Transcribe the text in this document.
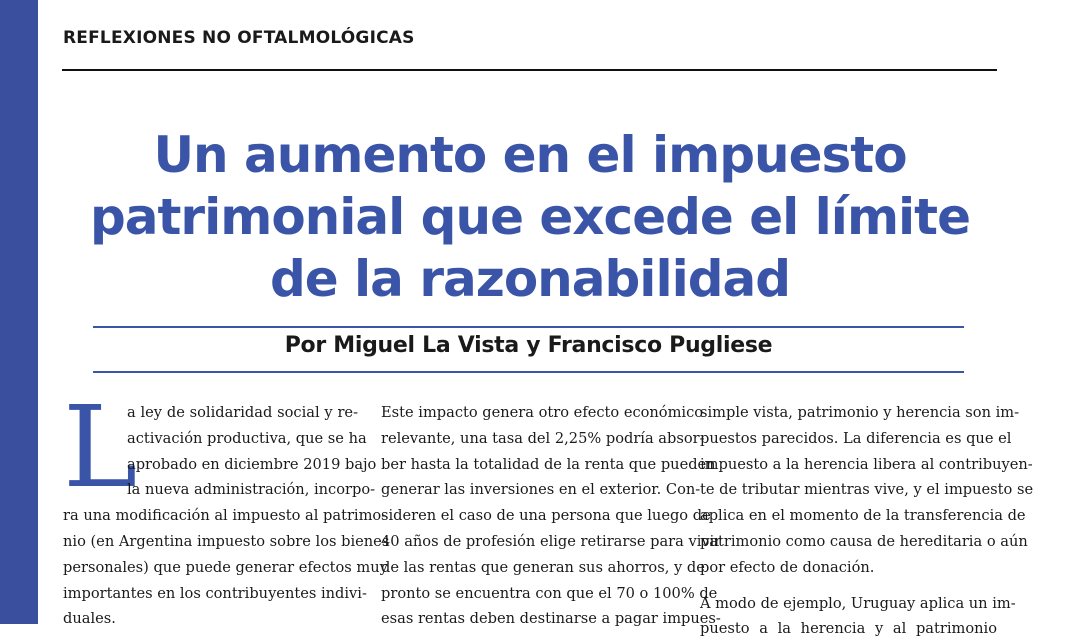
REFLEXIONES NO OFTALMOLÓGICAS
Un aumento en el impuesto
patrimonial que excede el límite
de la razonabilidad
Por Miguel La Vista y Francisco Pugliese
L
a ley de solidaridad social y re-
activación productiva, que se ha
aprobado en diciembre 2019 bajo
la nueva administración, incorpo-
ra una modificación al impuesto al patrimo-
nio (en Argentina impuesto sobre los bienes
personales) que puede generar efectos muy
importantes en los contribuyentes indivi-
duales.
Este impacto genera otro efecto económico
relevante, una tasa del 2,25% podría absor-
ber hasta la totalidad de la renta que pueden
generar las inversiones en el exterior. Con-
sideren el caso de una persona que luego de
40 años de profesión elige retirarse para vivir
de las rentas que generan sus ahorros, y de
pronto se encuentra con que el 70 o 100% de
esas rentas deben destinarse a pagar impues-
simple vista, patrimonio y herencia son im-
puestos parecidos. La diferencia es que el
impuesto a la herencia libera al contribuyen-
te de tributar mientras vive, y el impuesto se
aplica en el momento de la transferencia de
patrimonio como causa de hereditaria o aún
por efecto de donación.
A modo de ejemplo, Uruguay aplica un im-
puesto a la herencia y al patrimonio
